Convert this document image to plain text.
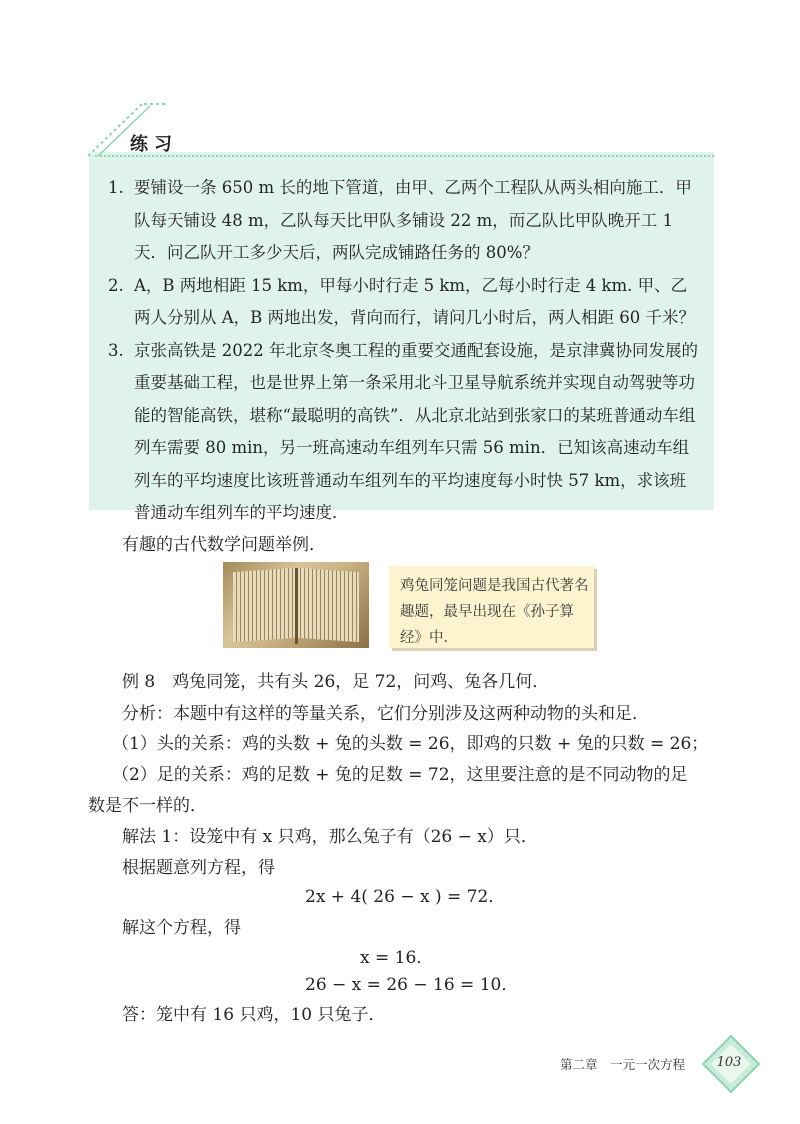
练习
1. 要铺设一条 650 m 长的地下管道，由甲、乙两个工程队从两头相向施工．甲队每天铺设 48 m，乙队每天比甲队多铺设 22 m，而乙队比甲队晚开工 1 天．问乙队开工多少天后，两队完成铺路任务的 80%？
2. A，B 两地相距 15 km，甲每小时行走 5 km，乙每小时行走 4 km. 甲、乙两人分别从 A，B 两地出发，背向而行，请问几小时后，两人相距 60 千米？
3. 京张高铁是 2022 年北京冬奥工程的重要交通配套设施，是京津冀协同发展的重要基础工程，也是世界上第一条采用北斗卫星导航系统并实现自动驾驶等功能的智能高铁，堪称“最聪明的高铁”．从北京北站到张家口的某班普通动车组列车需要 80 min，另一班高速动车组列车只需 56 min．已知该高速动车组列车的平均速度比该班普通动车组列车的平均速度每小时快 57 km，求该班普通动车组列车的平均速度．
有趣的古代数学问题举例．
鸡兔同笼问题是我国古代著名趣题，最早出现在《孙子算经》中．
例 8　鸡兔同笼，共有头 26，足 72，问鸡、兔各几何．
分析：本题中有这样的等量关系，它们分别涉及这两种动物的头和足．
（1）头的关系：鸡的头数 + 兔的头数 = 26，即鸡的只数 + 兔的只数 = 26；
（2）足的关系：鸡的足数 + 兔的足数 = 72，这里要注意的是不同动物的足
数是不一样的．
解法 1：设笼中有 x 只鸡，那么兔子有（26 − x）只．
根据题意列方程，得
2x + 4( 26 − x ) = 72．
解这个方程，得
x = 16．
26 − x = 26 − 16 = 10．
答：笼中有 16 只鸡，10 只兔子．
第二章　一元一次方程	103
